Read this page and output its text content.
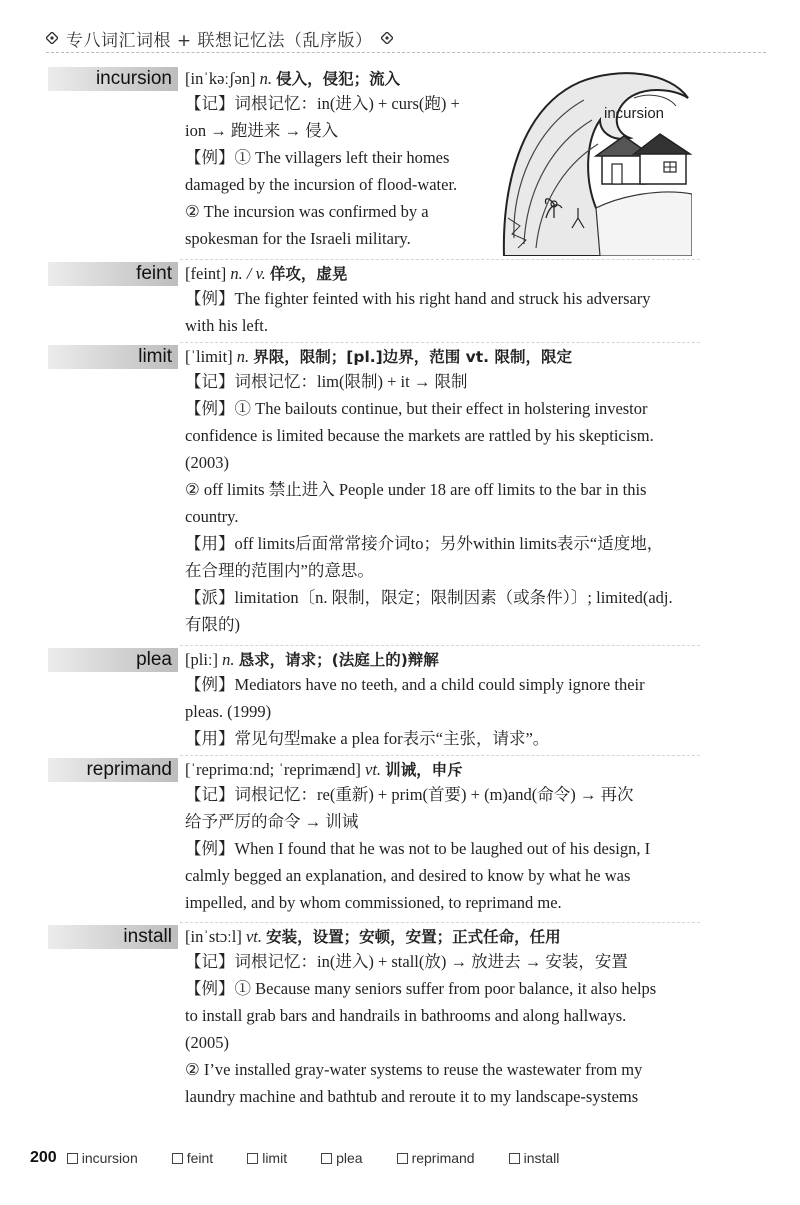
专八词汇词根 + 联想记忆法（乱序版）
incursion
incursion [inˈkəːʃən] n. 侵入，侵犯；流入
【记】词根记忆：in(进入) + curs(跑) +
ion → 跑进来 → 侵入
【例】① The villagers left their homes
damaged by the incursion of flood-water.
② The incursion was confirmed by a
spokesman for the Israeli military.
feint [feint] n. / v. 佯攻，虚晃
【例】The fighter feinted with his right hand and struck his adversary
with his left.
limit [ˈlimit] n. 界限，限制；[pl.]边界，范围 vt. 限制，限定
【记】词根记忆：lim(限制) + it → 限制
【例】① The bailouts continue, but their effect in holstering investor
confidence is limited because the markets are rattled by his skepticism.
(2003)
② off limits 禁止进入 People under 18 are off limits to the bar in this
country.
【用】off limits后面常常接介词to；另外within limits表示“适度地，
在合理的范围内”的意思。
【派】limitation〔n. 限制，限定；限制因素（或条件）〕; limited(adj.
有限的)
plea [pliː] n. 恳求，请求；(法庭上的)辩解
【例】Mediators have no teeth, and a child could simply ignore their
pleas. (1999)
【用】常见句型make a plea for表示“主张，请求”。
reprimand [ˈreprimɑːnd; ˈreprimænd] vt. 训诫，申斥
【记】词根记忆：re(重新) + prim(首要) + (m)and(命令) → 再次
给予严厉的命令 → 训诫
【例】When I found that he was not to be laughed out of his design, I
calmly begged an explanation, and desired to know by what he was
impelled, and by whom commissioned, to reprimand me.
install [inˈstɔːl] vt. 安装，设置；安顿，安置；正式任命，任用
【记】词根记忆：in(进入) + stall(放) → 放进去 → 安装，安置
【例】① Because many seniors suffer from poor balance, it also helps
to install grab bars and handrails in bathrooms and along hallways.
(2005)
② I’ve installed gray-water systems to reuse the wastewater from my
laundry machine and bathtub and reroute it to my landscape-systems
200 incursion	feint	limit	plea	reprimand	install
